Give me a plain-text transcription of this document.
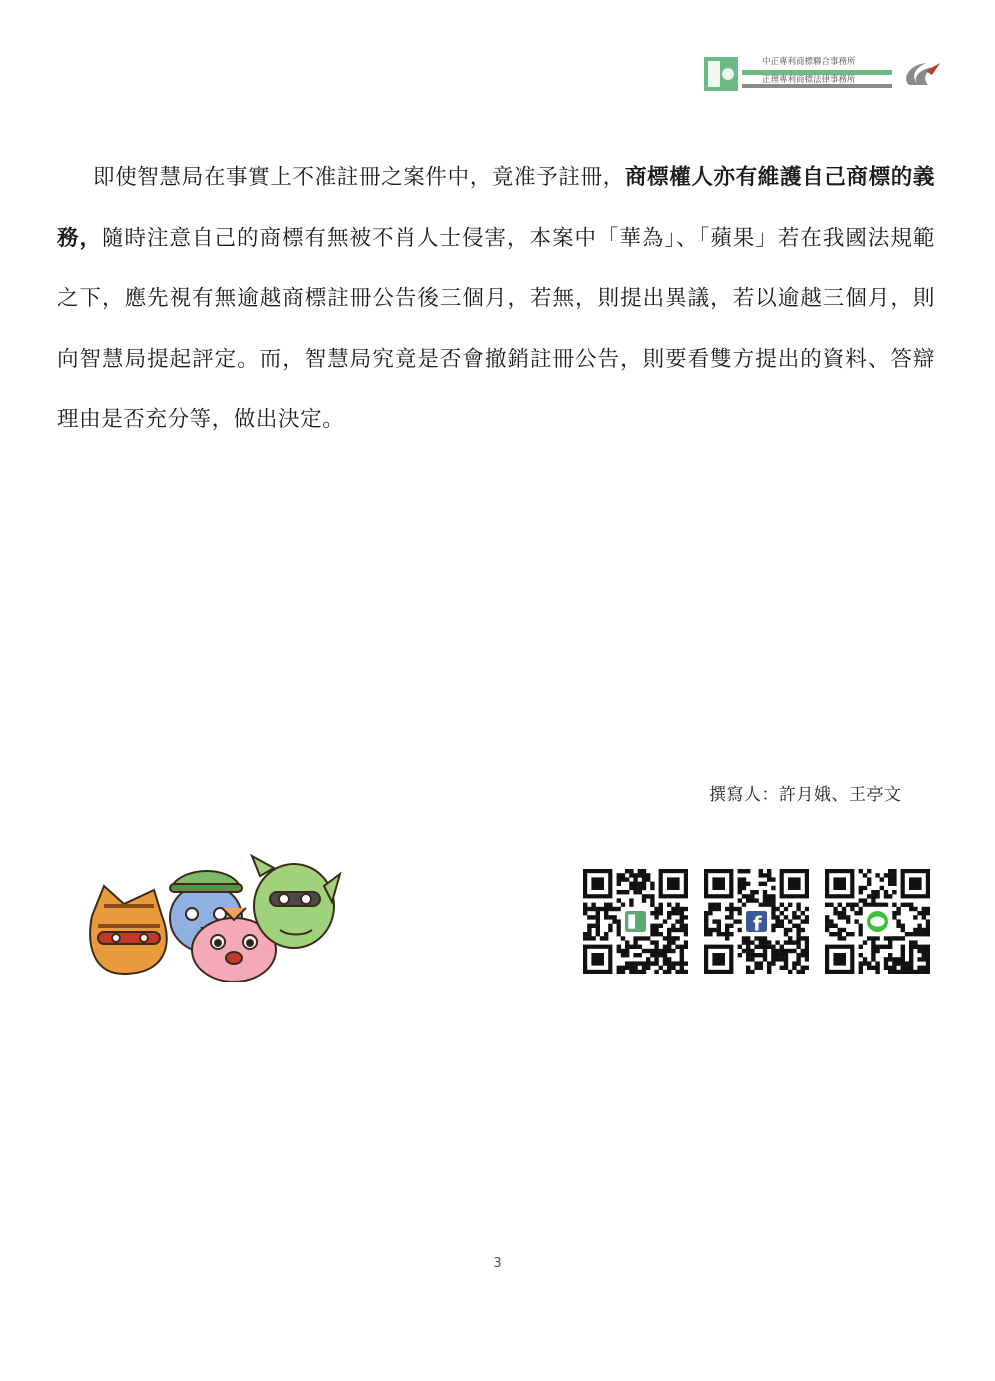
中正專利商標聯合事務所
正理專利商標法律事務所

即使智慧局在事實上不准註冊之案件中，竟准予註冊，商標權人亦有維護自己商標的義務，隨時注意自己的商標有無被不肖人士侵害，本案中「華為」、「蘋果」若在我國法規範之下，應先視有無逾越商標註冊公告後三個月，若無，則提出異議，若以逾越三個月，則向智慧局提起評定。而，智慧局究竟是否會撤銷註冊公告，則要看雙方提出的資料、答辯理由是否充分等，做出決定。

撰寫人：許月娥、王亭文
f
3
